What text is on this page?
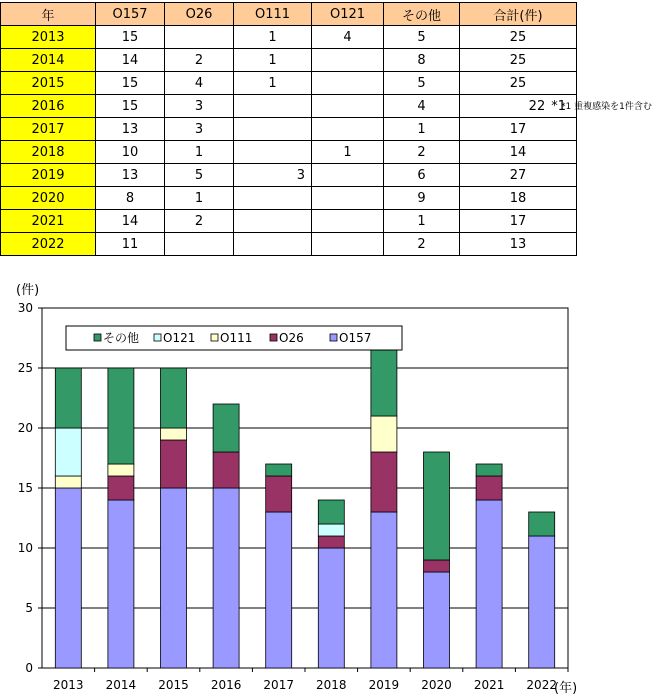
年	O157	O26	O111	O121	その他	合計(件)
2013	15		1	4	5	25
2014	14	2	1		8	25
2015	15	4	1		5	25
2016	15	3			4	22 *1
2017	13	3			1	17
2018	10	1		1	2	14
2019	13	5	3		6	27
2020	8	1			9	18
2021	14	2			1	17
2022	11				2	13
*1 重複感染を1件含む
(件)
(年)
0
5
10
15
20
25
30
2013 2014 2015 2016 2017 2018 2019 2020 2021 2022
その他 O121 O111 O26	O157
